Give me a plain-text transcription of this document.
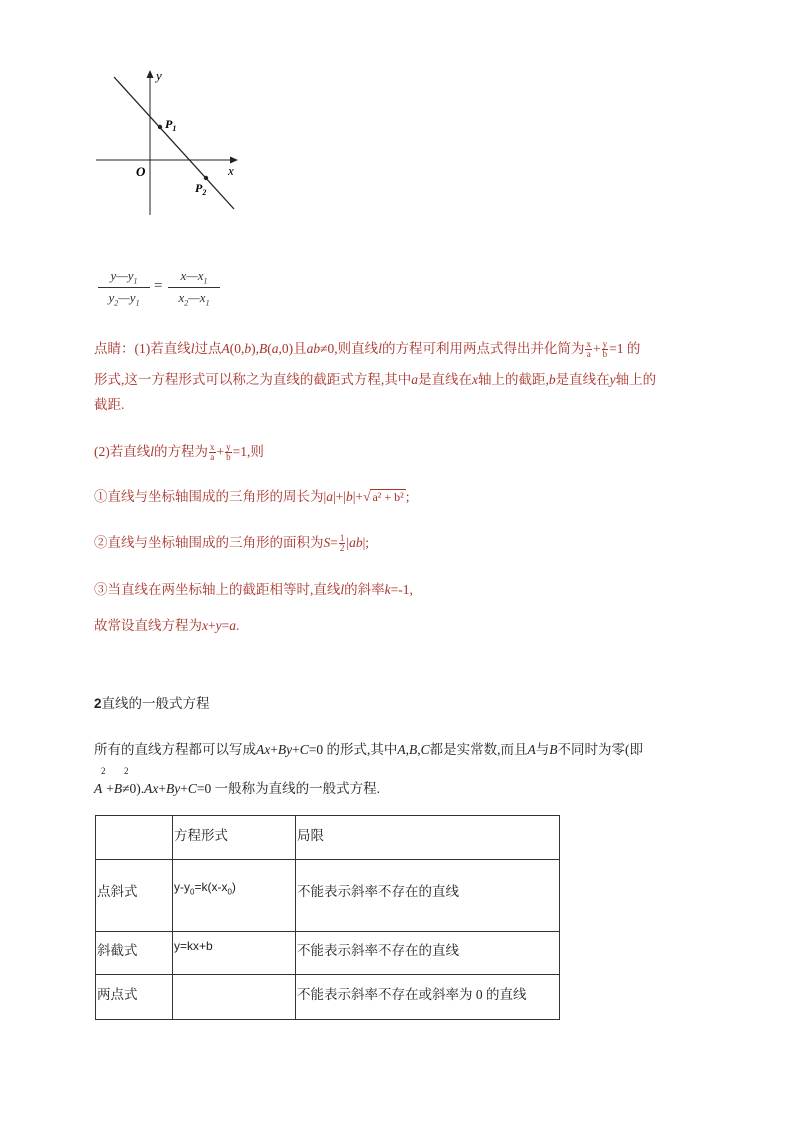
y
x
O
$P_1$
$P_2$
$y—y_1$
$y_2—y_1$
=
$x—x_1$
$x_2—x_1$
点睛：(1)若直线l过点A(0,b),B(a,0)且ab≠0,则直线l的方程可利用两点式得出并化简为 $\frac{x}{a} + \frac{y}{b} =1$ 的
形式,这一方程形式可以称之为直线的截距式方程,其中a是直线在x轴上的截距,b是直线在y轴上的
截距.
(2)若直线l的方程为 $\frac{x}{a} + \frac{y}{b} =1$,则
①直线与坐标轴围成的三角形的周长为|a|+|b|+√ a² + b² ;
②直线与坐标轴围成的三角形的面积为$S= \frac{1}{2} |ab|$;
③当直线在两坐标轴上的截距相等时,直线l的斜率k=-1,
故常设直线方程为x+y=a.
2直线的一般式方程
所有的直线方程都可以写成Ax+By+C=0 的形式,其中A,B,C都是实常数,而且A与B不同时为零(即
2 2
A +B≠0).Ax+By+C=0 一般称为直线的一般式方程.
	方程形式	局限
点斜式	$y-y_0=k(x-x_0)$	不能表示斜率不存在的直线
斜截式	y=kx+b	不能表示斜率不存在的直线
两点式		不能表示斜率不存在或斜率为 0 的直线
